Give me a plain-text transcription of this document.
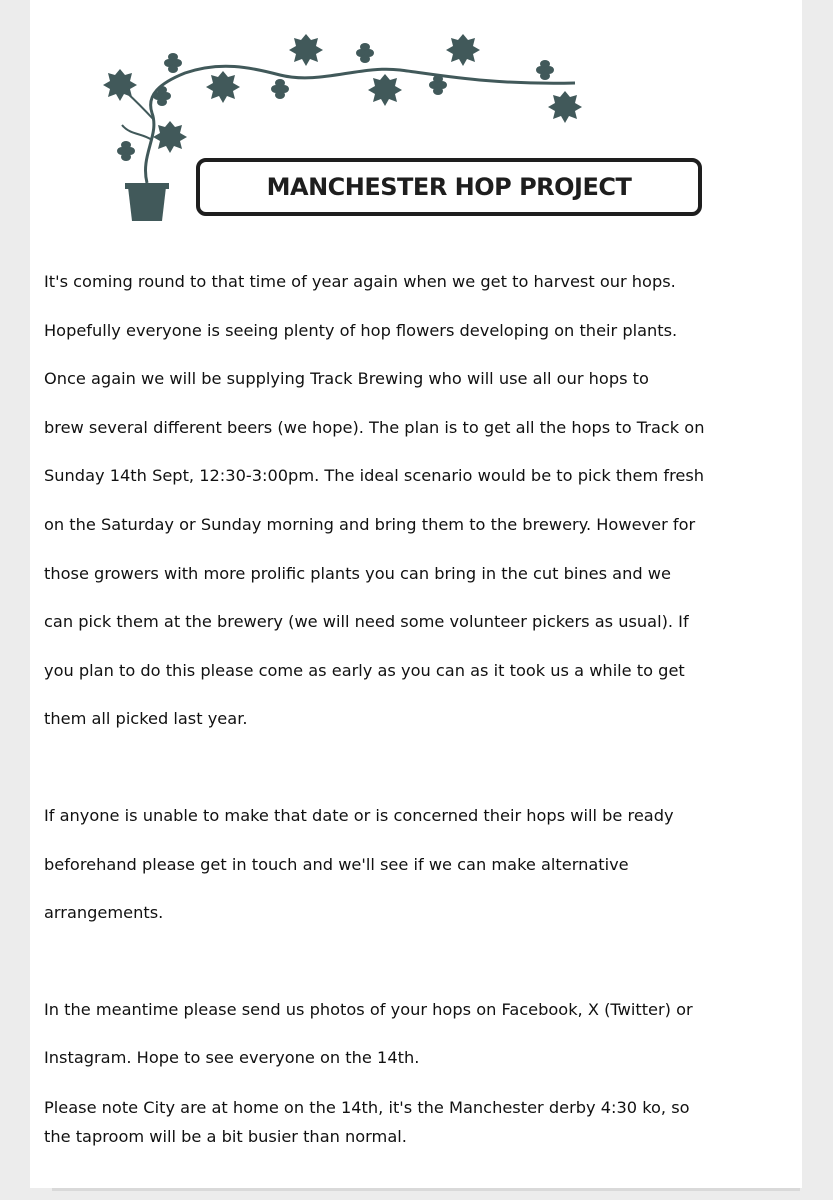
MANCHESTER HOP PROJECT
It's coming round to that time of year again when we get to harvest our hops.
Hopefully everyone is seeing plenty of hop flowers developing on their plants.
Once again we will be supplying Track Brewing who will use all our hops to
brew several different beers (we hope). The plan is to get all the hops to Track on
Sunday 14th Sept, 12:30-3:00pm. The ideal scenario would be to pick them fresh
on the Saturday or Sunday morning and bring them to the brewery. However for
those growers with more prolific plants you can bring in the cut bines and we
can pick them at the brewery (we will need some volunteer pickers as usual). If
you plan to do this please come as early as you can as it took us a while to get
them all picked last year.
If anyone is unable to make that date or is concerned their hops will be ready
beforehand please get in touch and we'll see if we can make alternative
arrangements.
In the meantime please send us photos of your hops on Facebook, X (Twitter) or
Instagram. Hope to see everyone on the 14th.
Please note City are at home on the 14th, it's the Manchester derby 4:30 ko, so
the taproom will be a bit busier than normal.
